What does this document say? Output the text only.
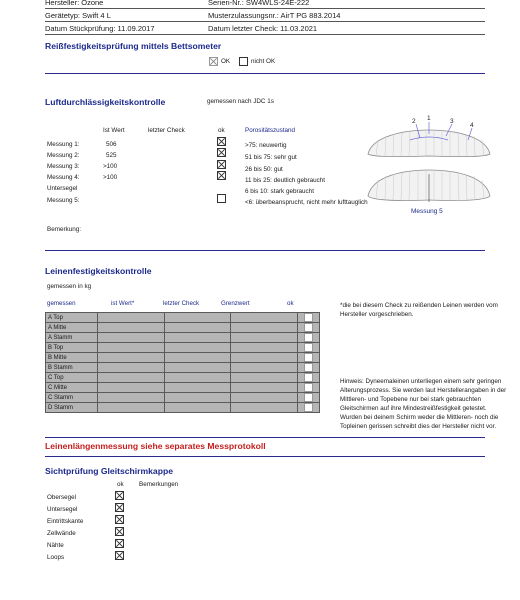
Hersteller: Ozone	Serien-Nr.: SW4WLS-24E-222
Gerätetyp: Swift 4 L	Musterzulassungsnr.: AirT PG 883.2014
Datum Stückprüfung: 11.09.2017	Datum letzter Check: 11.03.2021
Reißfestigkeitsprüfung mittels Bettsometer
OK	nicht OK
Luftdurchlässigkeitskontrolle	gemessen nach JDC 1s
Ist Wert	letzter Check	ok	Porositätszustand
Messung 1:	506
Messung 2:	525
Messung 3:	>100
Messung 4:	>100
Untersegel
Messung 5:
>75: neuwertig
51 bis 75: sehr gut
26 bis 50: gut
11 bis 25: deutlich gebraucht
6 bis 10: stark gebraucht
<6: überbeansprucht, nicht mehr lufttauglich
2 1	3
4
Messung 5
Bemerkung:
Leinenfestigkeitskontrolle
gemessen in kg
gemessen	ist Wert*	letzter Check	Grenzwert	ok
A Top				

A Mitte				

A Stamm				

B Top				

B Mitte				

B Stamm				

C Top				

C Mitte				

C Stamm				

D Stamm				
*die bei diesem Check zu reißenden Leinen werden vom Hersteller vorgeschrieben.
Hinweis: Dyneemaleinen unterliegen einem sehr geringen Alterungsprozess. Sie werden laut Herstellerangaben in der Mittleren- und Topebene nur bei stark gebrauchten Gleitschirmen auf ihre Mindestreißfestigkeit getestet. Wurden bei deinem Schirm weder die Mittleren- noch die Topleinen gerissen schreibt dies der Hersteller nicht vor.
Leinenlängenmessung siehe separates Messprotokoll
Sichtprüfung Gleitschirmkappe
ok Bemerkungen
Obersegel
Untersegel
Eintrittskante
Zellwände
Nähte
Loops
